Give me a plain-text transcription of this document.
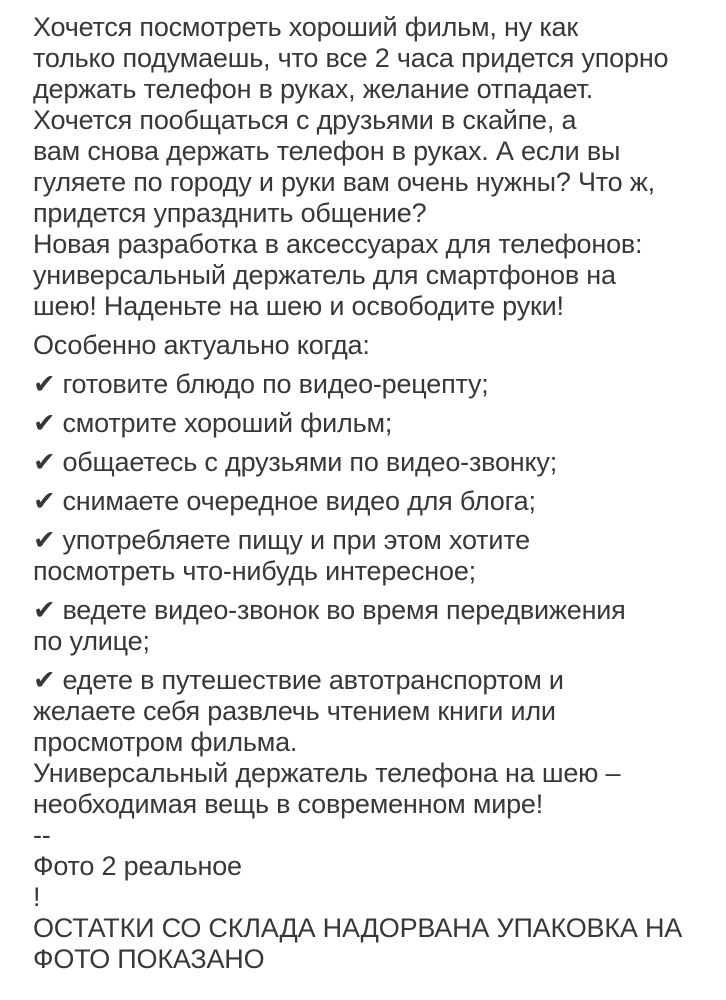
Хочется посмотреть хороший фильм, ну как
только подумаешь, что все 2 часа придется упорно
держать телефон в руках, желание отпадает.
Хочется пообщаться с друзьями в скайпе, а
вам снова держать телефон в руках. А если вы
гуляете по городу и руки вам очень нужны? Что ж,
придется упразднить общение?
Новая разработка в аксессуарах для телефонов:
универсальный держатель для смартфонов на
шею! Наденьте на шею и освободите руки!
Особенно актуально когда:
✔ готовите блюдо по видео-рецепту;
✔ смотрите хороший фильм;
✔ общаетесь с друзьями по видео-звонку;
✔ снимаете очередное видео для блога;
✔ употребляете пищу и при этом хотите
посмотреть что-нибудь интересное;
✔ ведете видео-звонок во время передвижения
по улице;
✔ едете в путешествие автотранспортом и
желаете себя развлечь чтением книги или
просмотром фильма.
Универсальный держатель телефона на шею –
необходимая вещь в современном мире!
--
Фото 2 реальное
!
ОСТАТКИ СО СКЛАДА НАДОРВАНА УПАКОВКА НА
ФОТО ПОКАЗАНО
